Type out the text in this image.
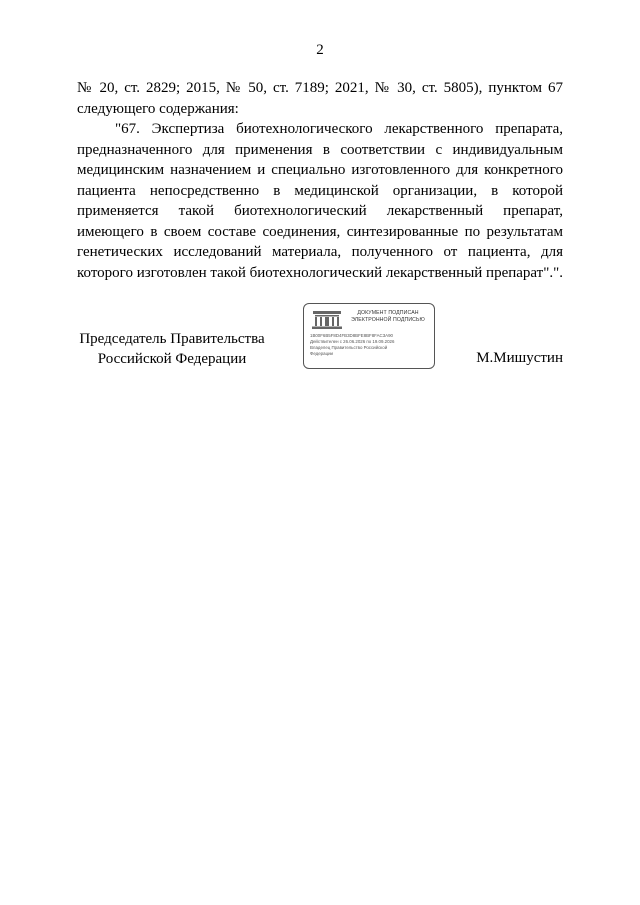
2

№ 20, ст. 2829; 2015, № 50, ст. 7189; 2021, № 30, ст. 5805), пунктом 67 следующего содержания:

"67. Экспертиза биотехнологического лекарственного препарата, предназначенного для применения в соответствии с индивидуальным медицинским назначением и специально изготовленного для конкретного пациента непосредственно в медицинской организации, в которой применяется такой биотехнологический лекарственный препарат, имеющего в своем составе соединения, синтезированные по результатам генетических исследований материала, полученного от пациента, для которого изготовлен такой биотехнологический лекарственный препарат".".

Председатель Правительства
Российской Федерации
ДОКУМЕНТ ПОДПИСАН
ЭЛЕКТРОННОЙ ПОДПИСЬЮ
1B00F6B5F8D4FB3D8BFE8BF8FAC3A90
Действителен с 26.06.2026 по 19.09.2026
Владелец Правительство Российской
Федерации	М.Мишустин
